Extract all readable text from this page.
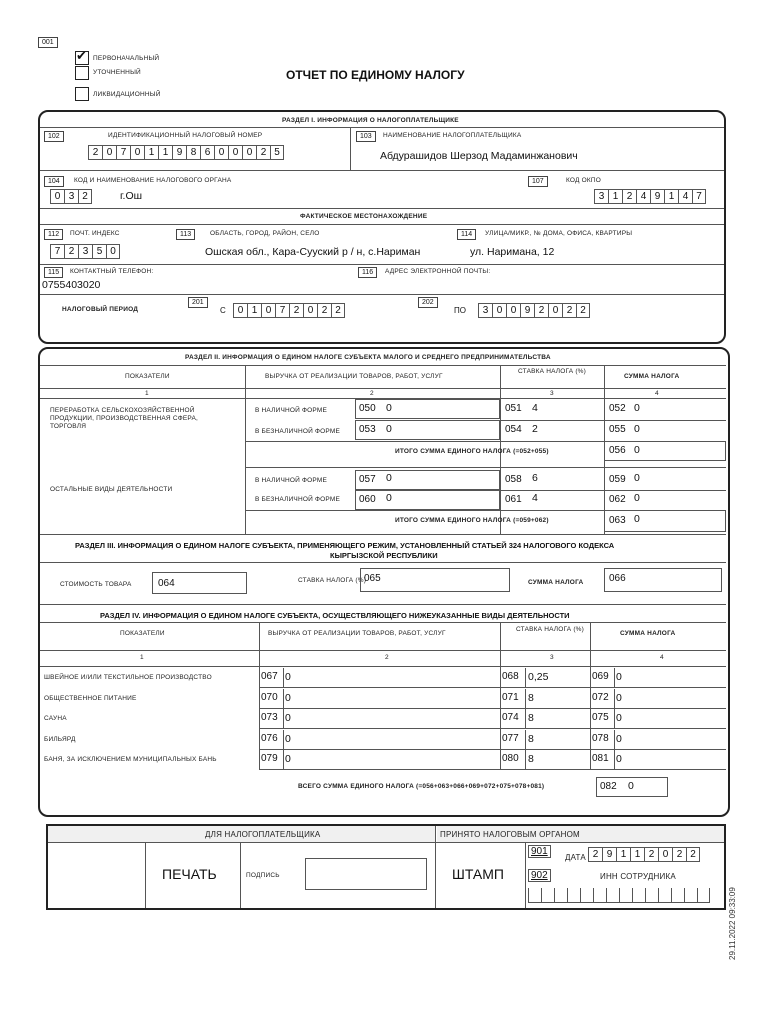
001
✔ ПЕРВОНАЧАЛЬНЫЙ
УТОЧНЕННЫЙ
ЛИКВИДАЦИОННЫЙ
ОТЧЕТ ПО ЕДИНОМУ НАЛОГУ
РАЗДЕЛ I. ИНФОРМАЦИЯ О НАЛОГОПЛАТЕЛЬЩИКЕ
102	ИДЕНТИФИКАЦИОННЫЙ НАЛОГОВЫЙ НОМЕР
2 0 7 0 1 1 9 8 6 0 0 0 2 5
103	НАИМЕНОВАНИЕ НАЛОГОПЛАТЕЛЬЩИКА
Абдурашидов Шерзод Мадаминжанович
104	КОД И НАИМЕНОВАНИЕ НАЛОГОВОГО ОРГАНА
0 3 2	г.Ош
107	КОД ОКПО
3 1 2 4 9 1 4 7
ФАКТИЧЕСКОЕ МЕСТОНАХОЖДЕНИЕ
112	ПОЧТ. ИНДЕКС
7 2 3 5 0
113	ОБЛАСТЬ, ГОРОД, РАЙОН, СЕЛО
Ошская обл., Кара-Сууский р / н, с.Нариман
114	УЛИЦА/МИКР., № ДОМА, ОФИСА, КВАРТИРЫ
ул. Наримана, 12
115	КОНТАКТНЫЙ ТЕЛЕФОН:
0755403020
116	АДРЕС ЭЛЕКТРОННОЙ ПОЧТЫ:
НАЛОГОВЫЙ ПЕРИОД
201
С	0 1 0 7 2 0 2 2
202
ПО	3 0 0 9 2 0 2 2
РАЗДЕЛ II. ИНФОРМАЦИЯ О ЕДИНОМ НАЛОГЕ СУБЪЕКТА МАЛОГО И СРЕДНЕГО ПРЕДПРИНИМАТЕЛЬСТВА
ПОКАЗАТЕЛИ	ВЫРУЧКА ОТ РЕАЛИЗАЦИИ ТОВАРОВ, РАБОТ, УСЛУГ
СТАВКА НАЛОГА (%)
СУММА НАЛОГА
1	2	3	4
ПЕРЕРАБОТКА СЕЛЬСКОХОЗЯЙСТВЕННОЙ ПРОДУКЦИИ, ПРОИЗВОДСТВЕННАЯ СФЕРА, ТОРГОВЛЯ
ОСТАЛЬНЫЕ ВИДЫ ДЕЯТЕЛЬНОСТИ
В НАЛИЧНОЙ ФОРМЕ	050 0	051 4	052 0
В БЕЗНАЛИЧНОЙ ФОРМЕ 053 0	054 2	055 0
ИТОГО СУММА ЕДИНОГО НАЛОГА (=052+055)	056 0
В НАЛИЧНОЙ ФОРМЕ	057 0	058 6	059 0
В БЕЗНАЛИЧНОЙ ФОРМЕ 060 0	061 4	062 0
ИТОГО СУММА ЕДИНОГО НАЛОГА (=059+062)	063 0
РАЗДЕЛ III. ИНФОРМАЦИЯ О ЕДИНОМ НАЛОГЕ СУБЪЕКТА, ПРИМЕНЯЮЩЕГО РЕЖИМ, УСТАНОВЛЕННЫЙ СТАТЬЕЙ 324 НАЛОГОВОГО КОДЕКСА
КЫРГЫЗСКОЙ РЕСПУБЛИКИ
СТОИМОСТЬ ТОВАРА	064	СТАВКА НАЛОГА (%)
065	СУММА НАЛОГА	066
РАЗДЕЛ IV. ИНФОРМАЦИЯ О ЕДИНОМ НАЛОГЕ СУБЪЕКТА, ОСУЩЕСТВЛЯЮЩЕГО НИЖЕУКАЗАННЫЕ ВИДЫ ДЕЯТЕЛЬНОСТИ
ПОКАЗАТЕЛИ	ВЫРУЧКА ОТ РЕАЛИЗАЦИИ ТОВАРОВ, РАБОТ, УСЛУГ
СТАВКА НАЛОГА (%)
СУММА НАЛОГА
1	2	3	4
ШВЕЙНОЕ И/ИЛИ ТЕКСТИЛЬНОЕ ПРОИЗВОДСТВО	067 0	068 0,25	069 0
ОБЩЕСТВЕННОЕ ПИТАНИЕ	070 0	071 8	072 0
САУНА	073 0	074 8	075 0
БИЛЬЯРД	076 0	077 8	078 0
БАНЯ, ЗА ИСКЛЮЧЕНИЕМ МУНИЦИПАЛЬНЫХ БАНЬ	079 0	080 8	081 0
ВСЕГО СУММА ЕДИНОГО НАЛОГА (=056+063+066+069+072+075+078+081)	082 0
ДЛЯ НАЛОГОПЛАТЕЛЬЩИКА	ПРИНЯТО НАЛОГОВЫМ ОРГАНОМ
ПЕЧАТЬ	ПОДПИСЬ	ШТАМП
901
ДАТА 2 9 1 1 2 0 2 2
902	ИНН СОТРУДНИКА
29.11.2022 09:33:09
